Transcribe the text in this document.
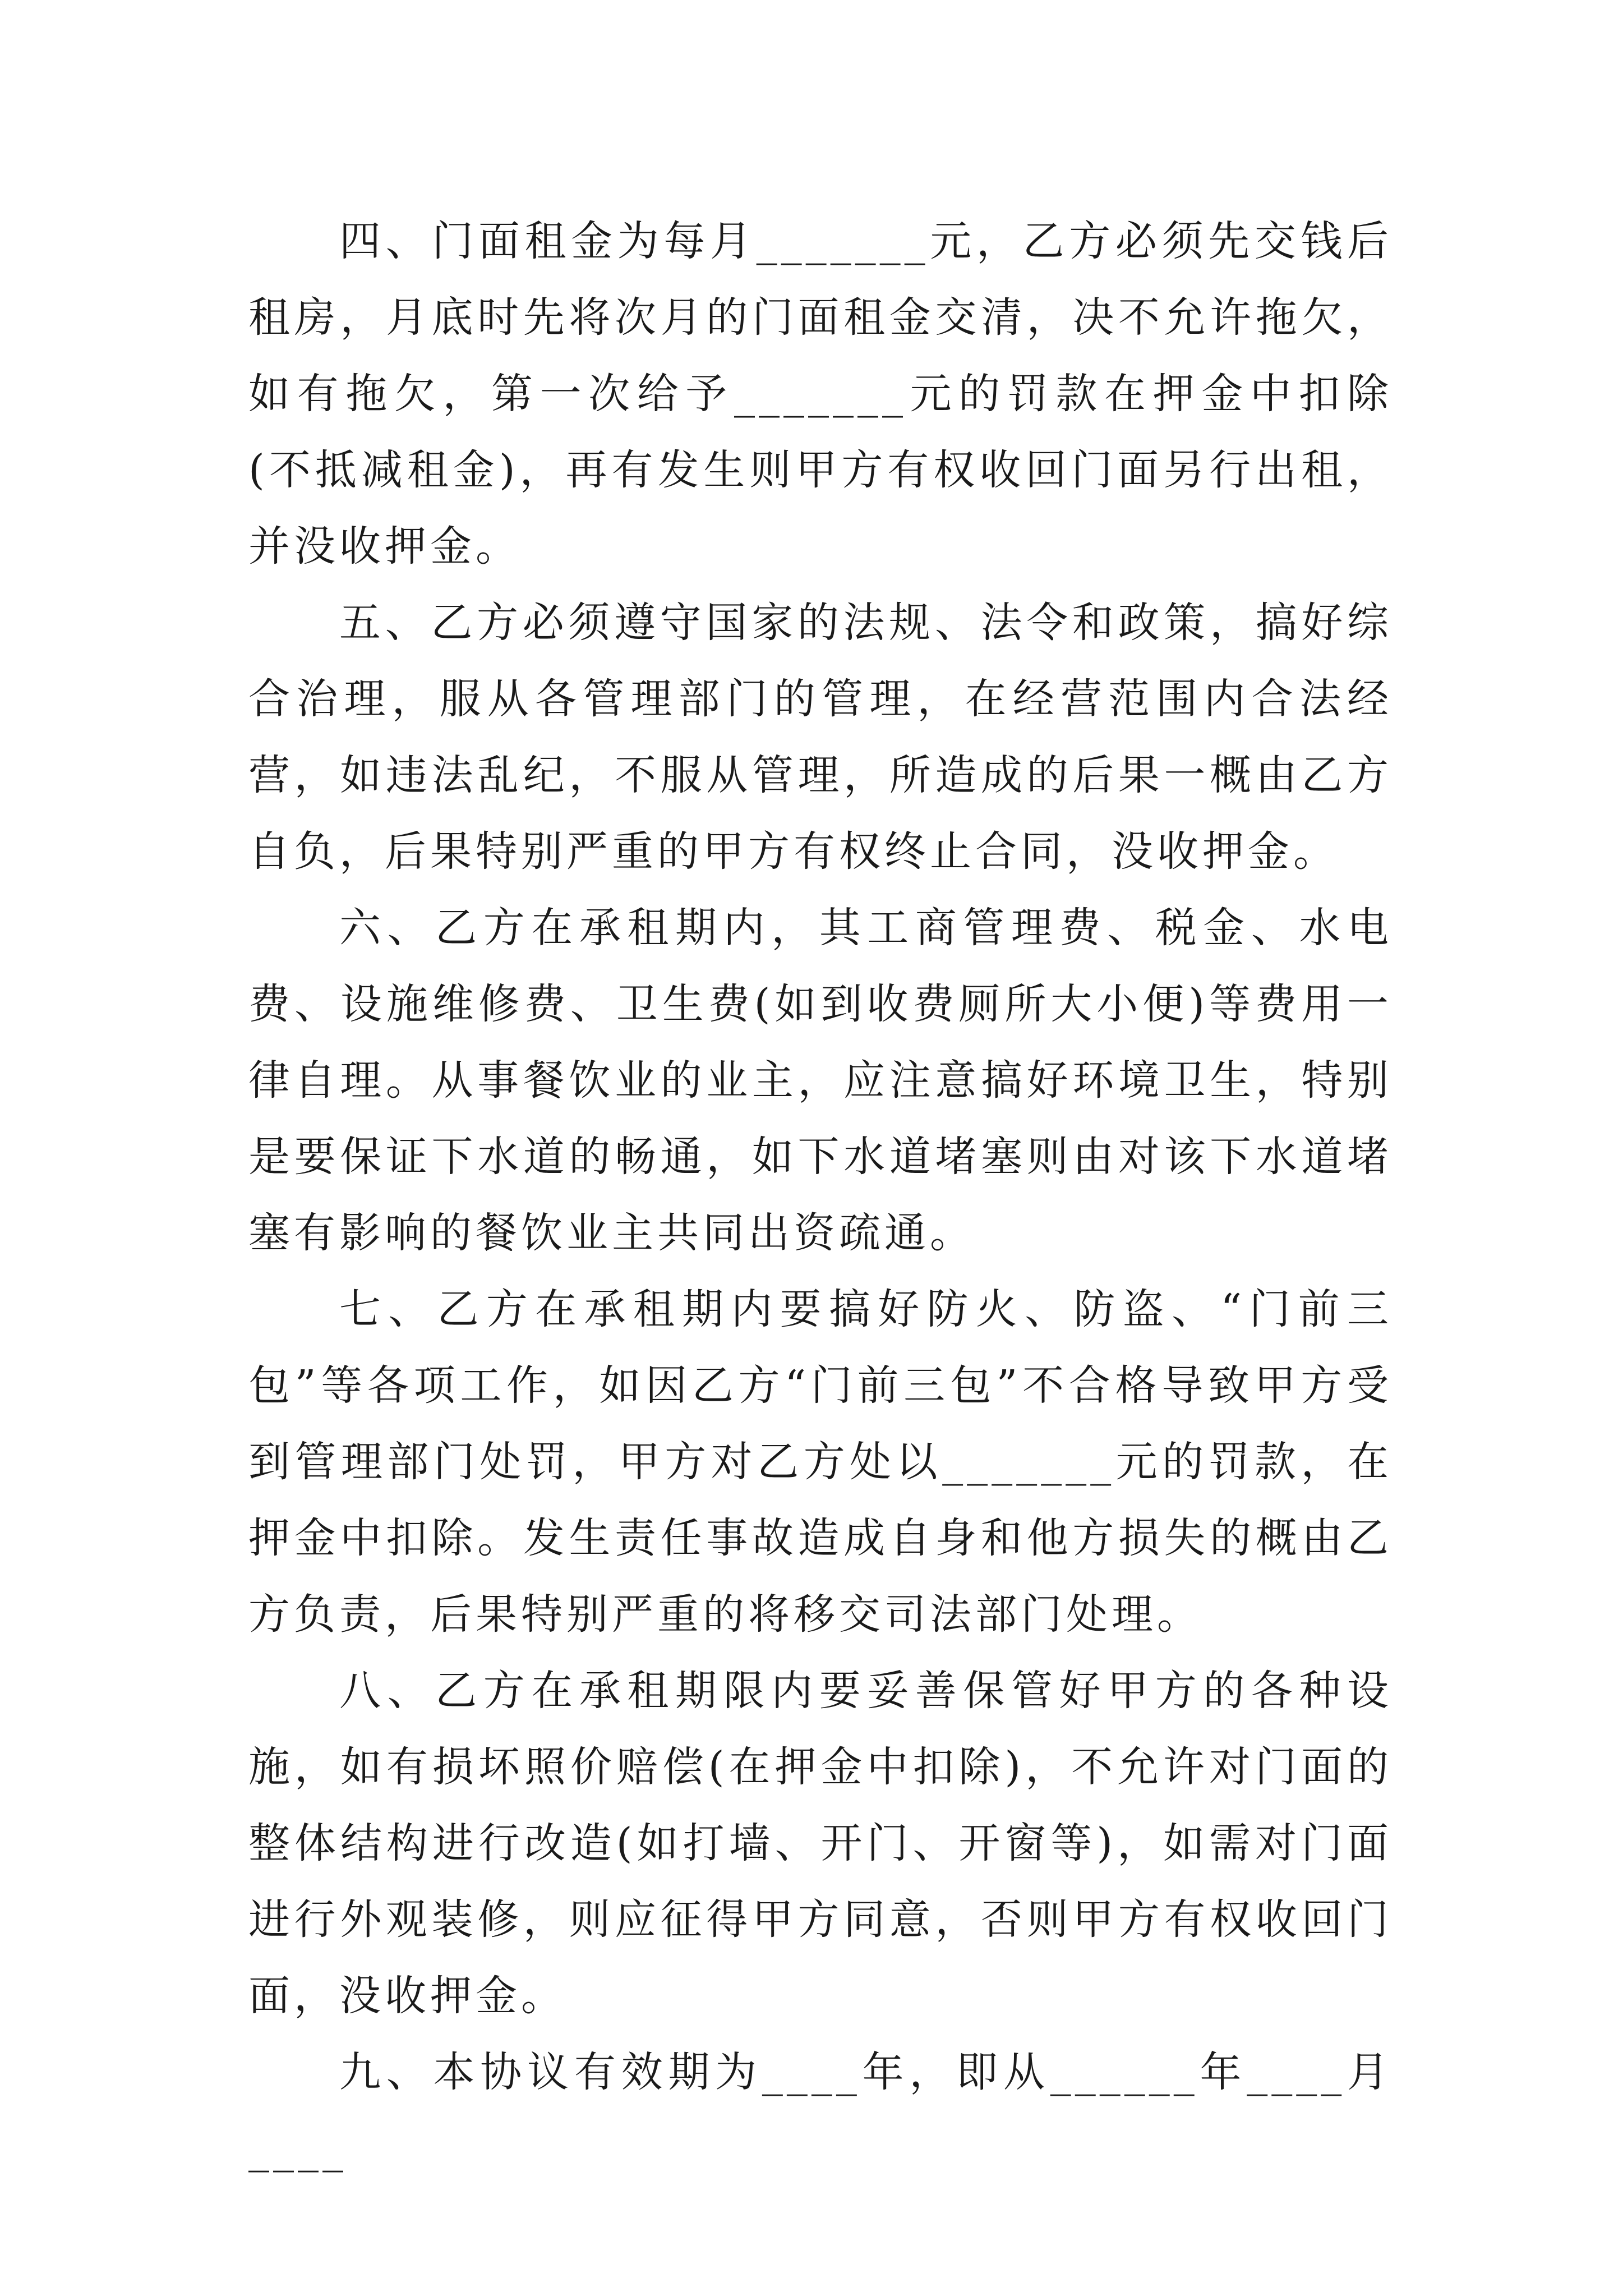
四、门面租金为每月_______元，乙方必须先交钱后租房，月底时先将次月的门面租金交清，决不允许拖欠，如有拖欠，第一次给予_______元的罚款在押金中扣除(不抵减租金)，再有发生则甲方有权收回门面另行出租，并没收押金。

五、乙方必须遵守国家的法规、法令和政策，搞好综合治理，服从各管理部门的管理，在经营范围内合法经营，如违法乱纪，不服从管理，所造成的后果一概由乙方自负，后果特别严重的甲方有权终止合同，没收押金。

六、乙方在承租期内，其工商管理费、税金、水电费、设施维修费、卫生费(如到收费厕所大小便)等费用一律自理。从事餐饮业的业主，应注意搞好环境卫生，特别是要保证下水道的畅通，如下水道堵塞则由对该下水道堵塞有影响的餐饮业主共同出资疏通。

七、乙方在承租期内要搞好防火、防盗、“门前三包”等各项工作，如因乙方“门前三包”不合格导致甲方受到管理部门处罚，甲方对乙方处以_______元的罚款，在押金中扣除。发生责任事故造成自身和他方损失的概由乙方负责，后果特别严重的将移交司法部门处理。

八、乙方在承租期限内要妥善保管好甲方的各种设施，如有损坏照价赔偿(在押金中扣除)，不允许对门面的整体结构进行改造(如打墙、开门、开窗等)，如需对门面进行外观装修，则应征得甲方同意，否则甲方有权收回门面，没收押金。

九、本协议有效期为____年，即从______年____月____
